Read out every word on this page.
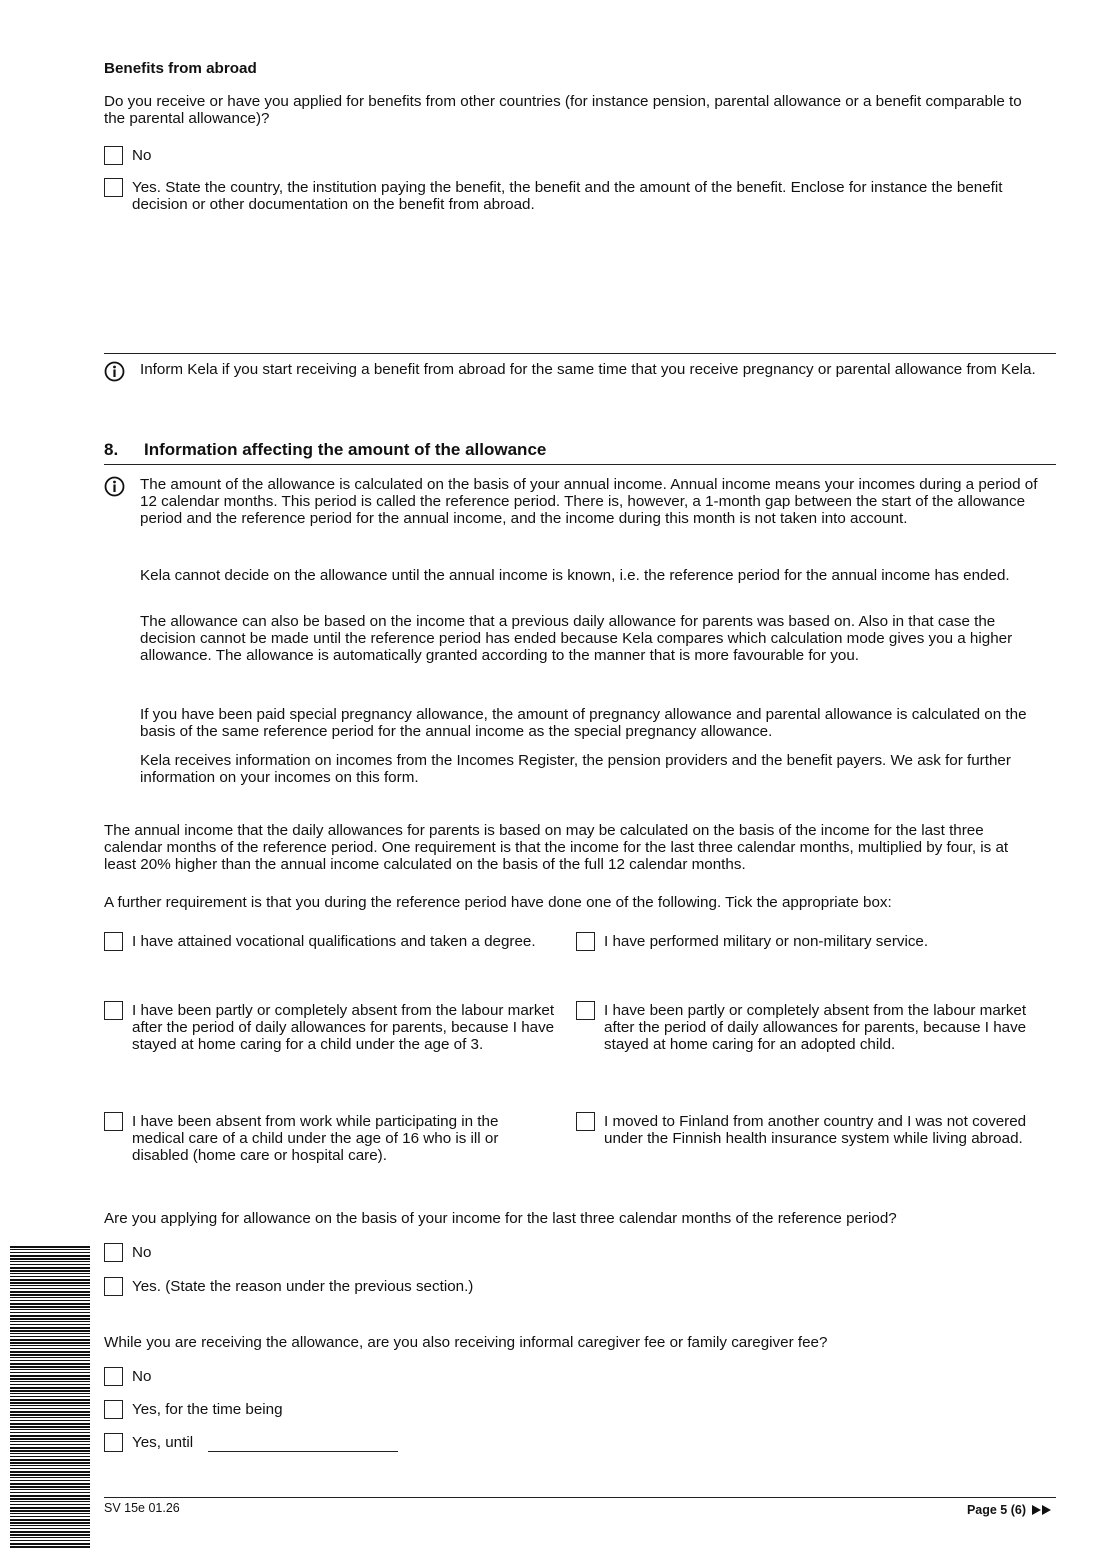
Benefits from abroad
Do you receive or have you applied for benefits from other countries (for instance pension, parental allowance or a benefit comparable to the parental allowance)?
No
Yes. State the country, the institution paying the benefit, the benefit and the amount of the benefit. Enclose for instance the benefit decision or other documentation on the benefit from abroad.
Inform Kela if you start receiving a benefit from abroad for the same time that you receive pregnancy or parental allowance from Kela.
8. Information affecting the amount of the allowance
The amount of the allowance is calculated on the basis of your annual income. Annual income means your incomes during a period of 12 calendar months. This period is called the reference period. There is, however, a 1-month gap between the start of the allowance period and the reference period for the annual income, and the income during this month is not taken into account.
Kela cannot decide on the allowance until the annual income is known, i.e. the reference period for the annual income has ended.
The allowance can also be based on the income that a previous daily allowance for parents was based on. Also in that case the decision cannot be made until the reference period has ended because Kela compares which calculation mode gives you a higher allowance. The allowance is automatically granted according to the manner that is more favourable for you.
If you have been paid special pregnancy allowance, the amount of pregnancy allowance and parental allowance is calculated on the basis of the same reference period for the annual income as the special pregnancy allowance.
Kela receives information on incomes from the Incomes Register, the pension providers and the benefit payers. We ask for further information on your incomes on this form.
The annual income that the daily allowances for parents is based on may be calculated on the basis of the income for the last three calendar months of the reference period. One requirement is that the income for the last three calendar months, multiplied by four, is at least 20% higher than the annual income calculated on the basis of the full 12 calendar months.
A further requirement is that you during the reference period have done one of the following. Tick the appropriate box:
I have attained vocational qualifications and taken a degree.	I have performed military or non-military service.
I have been partly or completely absent from the labour market after the period of daily allowances for parents, because I have stayed at home caring for a child under the age of 3.
I have been partly or completely absent from the labour market after the period of daily allowances for parents, because I have stayed at home caring for an adopted child.
I have been absent from work while participating in the medical care of a child under the age of 16 who is ill or disabled (home care or hospital care).
I moved to Finland from another country and I was not covered under the Finnish health insurance system while living abroad.
Are you applying for allowance on the basis of your income for the last three calendar months of the reference period?
No
Yes. (State the reason under the previous section.)
While you are receiving the allowance, are you also receiving informal caregiver fee or family caregiver fee?
No
Yes, for the time being
Yes, until
SV 15e 01.26	Page 5 (6)
